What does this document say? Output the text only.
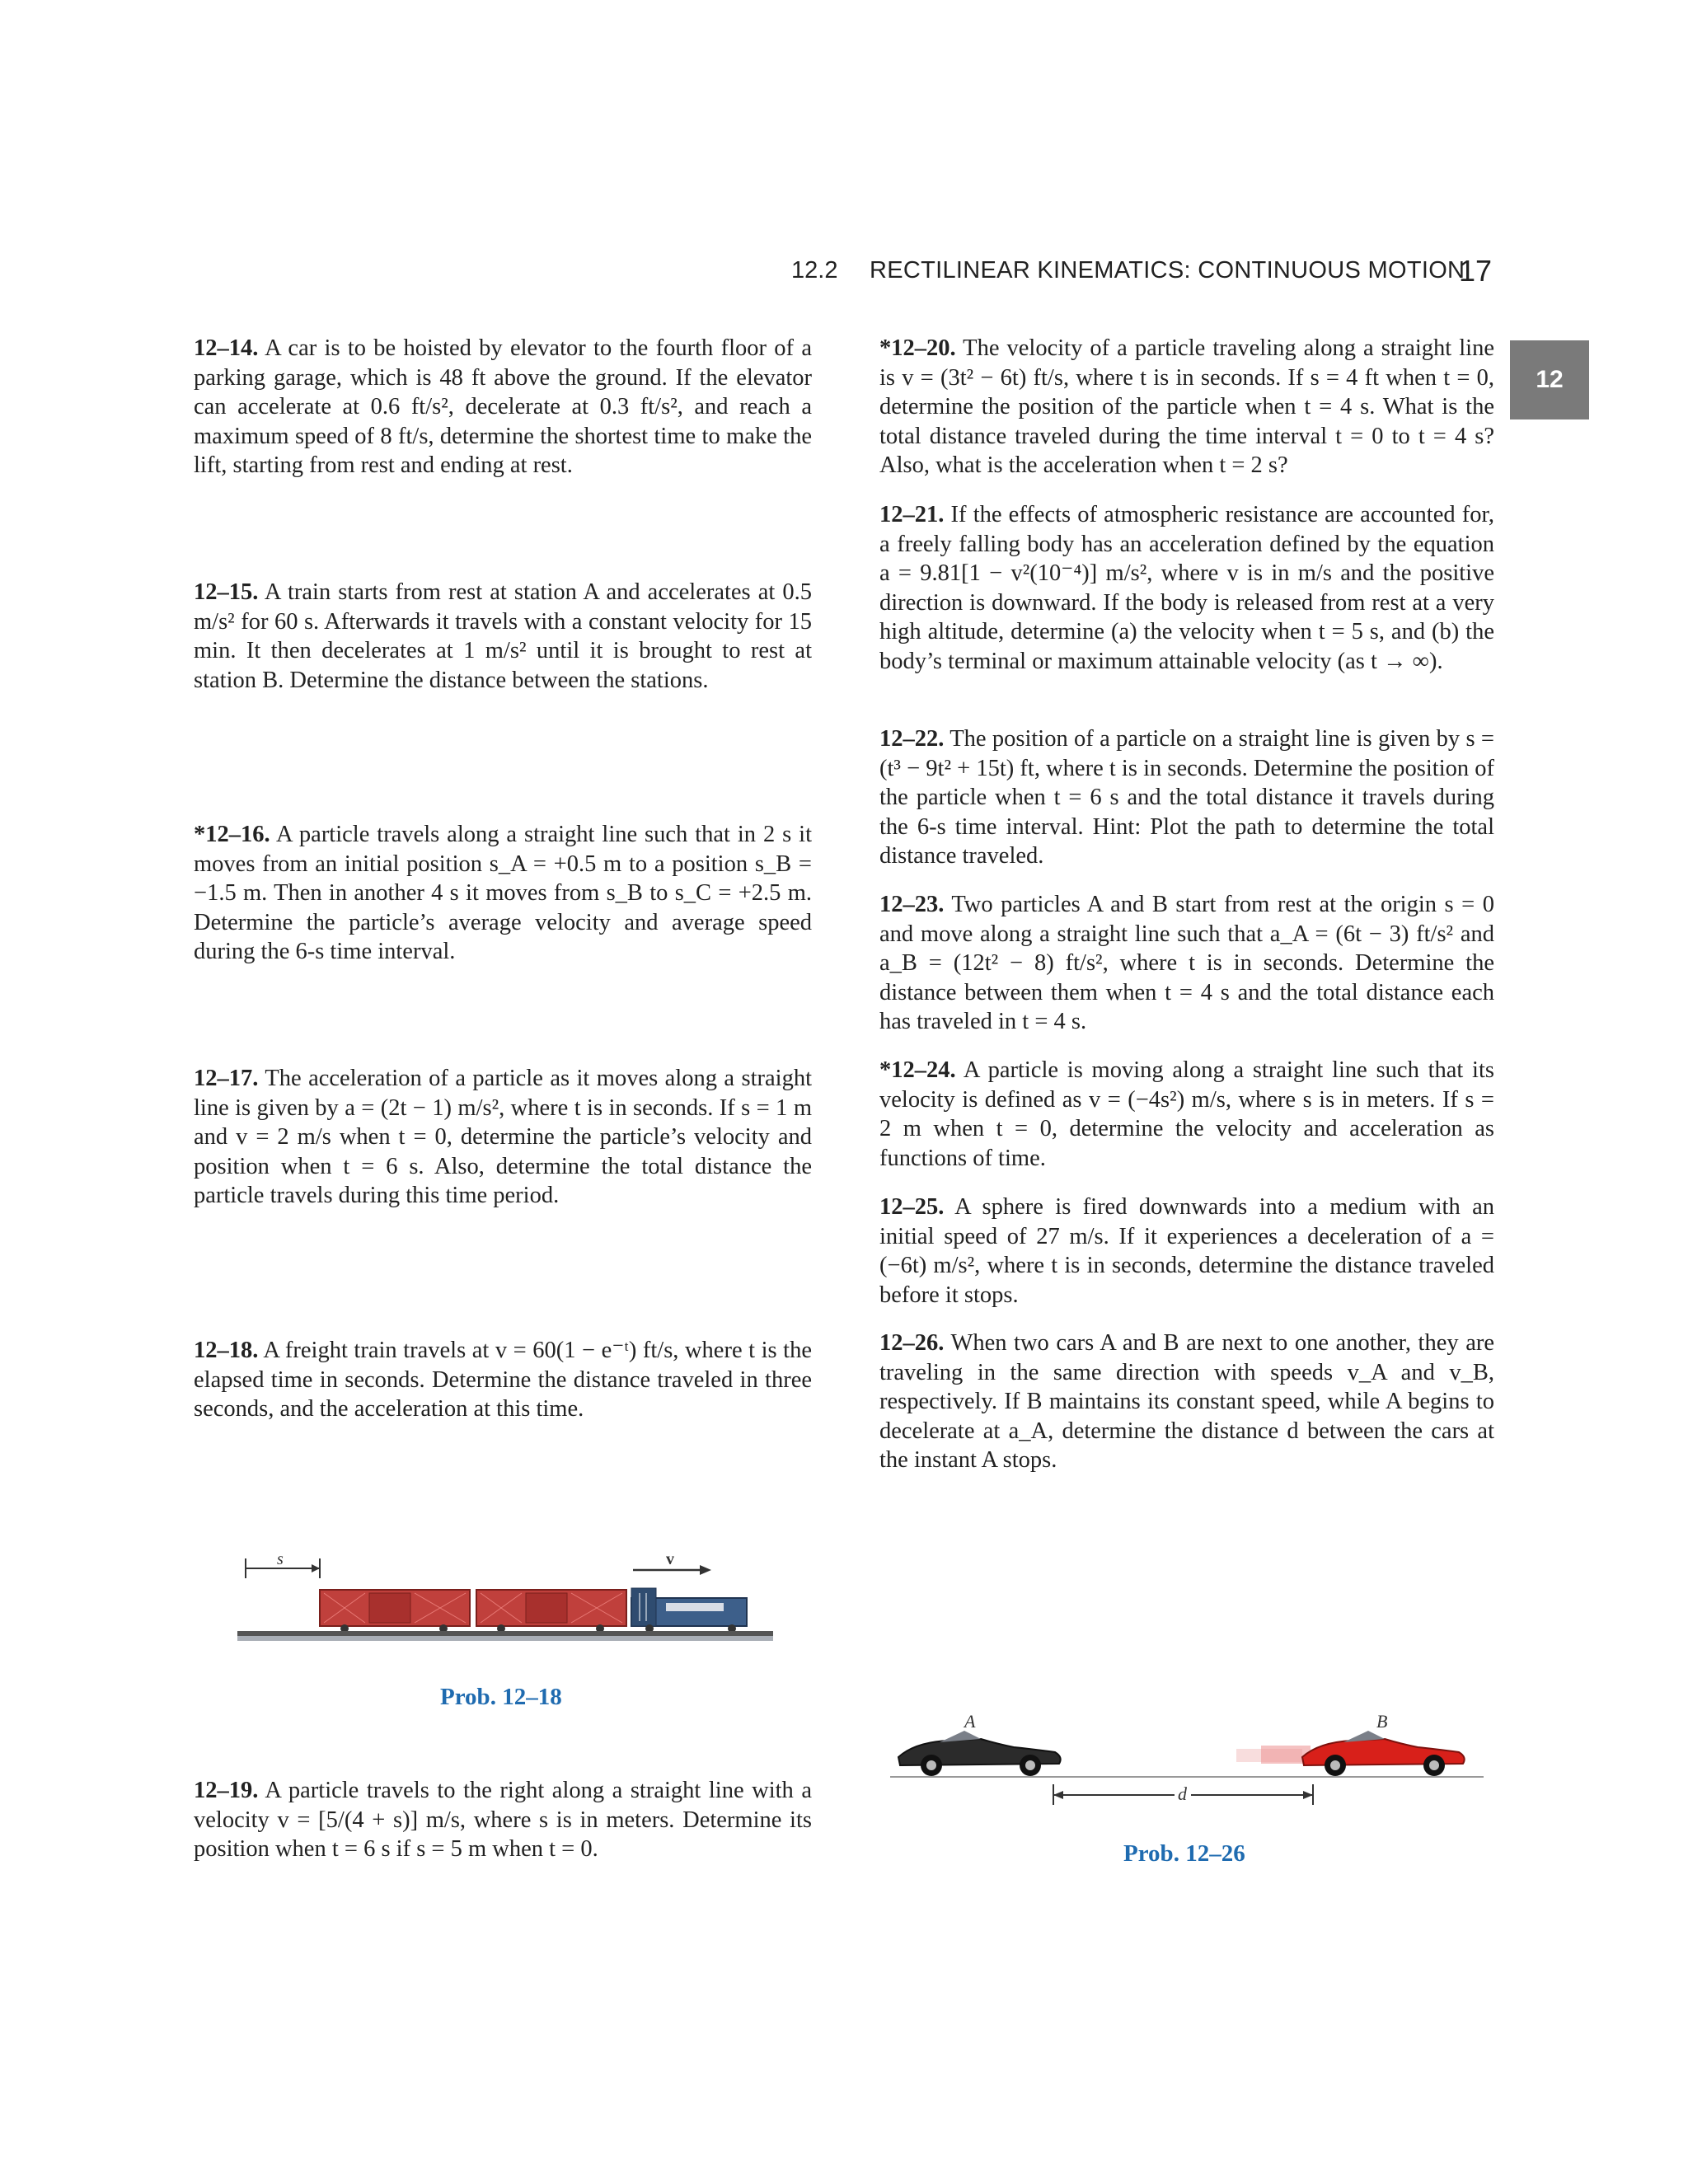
12.2 RECTILINEAR KINEMATICS: CONTINUOUS MOTION
17
12
12–14. A car is to be hoisted by elevator to the fourth floor of a parking garage, which is 48 ft above the ground. If the elevator can accelerate at 0.6 ft/s², decelerate at 0.3 ft/s², and reach a maximum speed of 8 ft/s, determine the shortest time to make the lift, starting from rest and ending at rest.
12–15. A train starts from rest at station A and accelerates at 0.5 m/s² for 60 s. Afterwards it travels with a constant velocity for 15 min. It then decelerates at 1 m/s² until it is brought to rest at station B. Determine the distance between the stations.
*12–16. A particle travels along a straight line such that in 2 s it moves from an initial position s_A = +0.5 m to a position s_B = −1.5 m. Then in another 4 s it moves from s_B to s_C = +2.5 m. Determine the particle’s average velocity and average speed during the 6-s time interval.
12–17. The acceleration of a particle as it moves along a straight line is given by a = (2t − 1) m/s², where t is in seconds. If s = 1 m and v = 2 m/s when t = 0, determine the particle’s velocity and position when t = 6 s. Also, determine the total distance the particle travels during this time period.
12–18. A freight train travels at v = 60(1 − e⁻ᵗ) ft/s, where t is the elapsed time in seconds. Determine the distance traveled in three seconds, and the acceleration at this time.
s	v
Prob. 12–18
12–19. A particle travels to the right along a straight line with a velocity v = [5/(4 + s)] m/s, where s is in meters. Determine its position when t = 6 s if s = 5 m when t = 0.
*12–20. The velocity of a particle traveling along a straight line is v = (3t² − 6t) ft/s, where t is in seconds. If s = 4 ft when t = 0, determine the position of the particle when t = 4 s. What is the total distance traveled during the time interval t = 0 to t = 4 s? Also, what is the acceleration when t = 2 s?
12–21. If the effects of atmospheric resistance are accounted for, a freely falling body has an acceleration defined by the equation a = 9.81[1 − v²(10⁻⁴)] m/s², where v is in m/s and the positive direction is downward. If the body is released from rest at a very high altitude, determine (a) the velocity when t = 5 s, and (b) the body’s terminal or maximum attainable velocity (as t → ∞).
12–22. The position of a particle on a straight line is given by s = (t³ − 9t² + 15t) ft, where t is in seconds. Determine the position of the particle when t = 6 s and the total distance it travels during the 6-s time interval. Hint: Plot the path to determine the total distance traveled.
12–23. Two particles A and B start from rest at the origin s = 0 and move along a straight line such that a_A = (6t − 3) ft/s² and a_B = (12t² − 8) ft/s², where t is in seconds. Determine the distance between them when t = 4 s and the total distance each has traveled in t = 4 s.
*12–24. A particle is moving along a straight line such that its velocity is defined as v = (−4s²) m/s, where s is in meters. If s = 2 m when t = 0, determine the velocity and acceleration as functions of time.
12–25. A sphere is fired downwards into a medium with an initial speed of 27 m/s. If it experiences a deceleration of a = (−6t) m/s², where t is in seconds, determine the distance traveled before it stops.
12–26. When two cars A and B are next to one another, they are traveling in the same direction with speeds v_A and v_B, respectively. If B maintains its constant speed, while A begins to decelerate at a_A, determine the distance d between the cars at the instant A stops.
A	B
d
Prob. 12–26
